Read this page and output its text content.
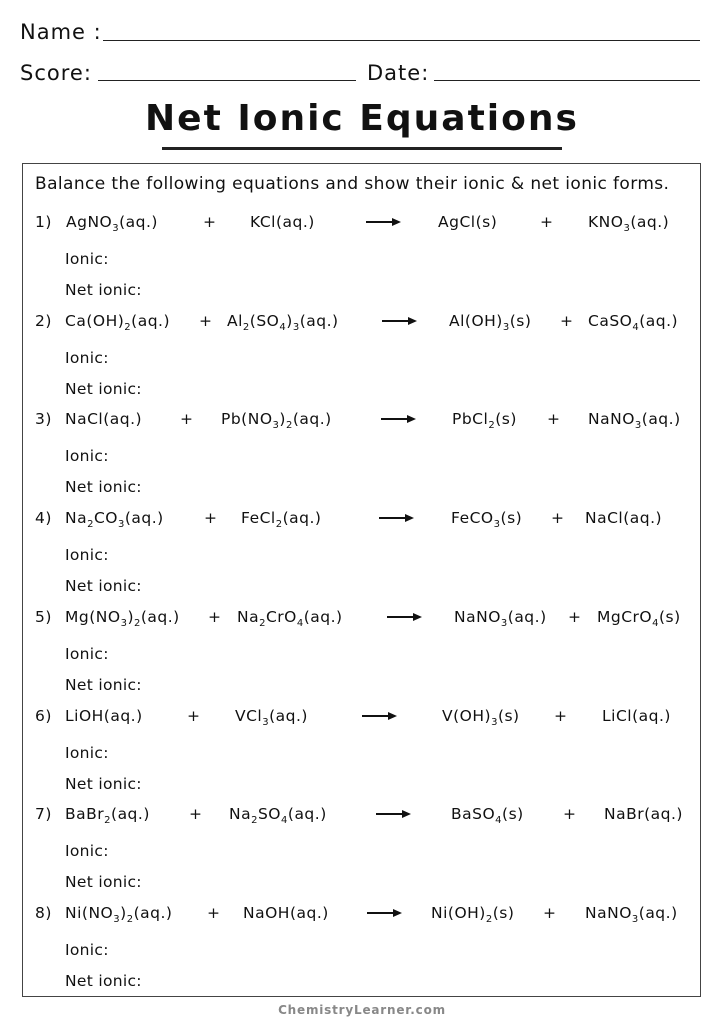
Name :
Score:	Date:
Net Ionic Equations
Balance the following equations and show their ionic & net ionic forms.
1) AgNO$_3$(aq.)	+ KCl(aq.)	AgCl(s)	+ $KNO_3(aq.)$
Ionic:
Net ionic:
2) $Ca(OH)_2(aq.) + Al_2(SO_4)_3(aq.)$	$Al(OH)_3(s)$ + CaSO$_4$(aq.)
Ionic:
Net ionic:
3) NaCl(aq.) + $Pb(NO_3)_2(aq.)$	PbCl$_2$(s) + NaNO$_3$(aq.)
Ionic:
Net ionic:
4) $Na_2CO_3(aq.)$	+ FeCl$_2$(aq.)	FeCO$_3$(s) + NaCl(aq.)
Ionic:
Net ionic:
5) $Mg(NO_3)_2(aq.) + Na_2CrO_4(aq.)$	NaNO$_3$(aq.) + MgCrO$_4$(s)
Ionic:
Net ionic:
6) LiOH(aq.)	+ VCl$_3$(aq.)	$V(OH)_3(s)$ + LiCl(aq.)
Ionic:
Net ionic:
7) BaBr$_2$(aq.)	+ $Na_2SO_4(aq.)$	BaSO$_4$(s)	+ NaBr(aq.)
Ionic:
Net ionic:
8) $Ni(NO_3)_2(aq.)$ + NaOH(aq.)	$Ni(OH)_2(s)$ + NaNO$_3$(aq.)
Ionic:
Net ionic:
ChemistryLearner.com
